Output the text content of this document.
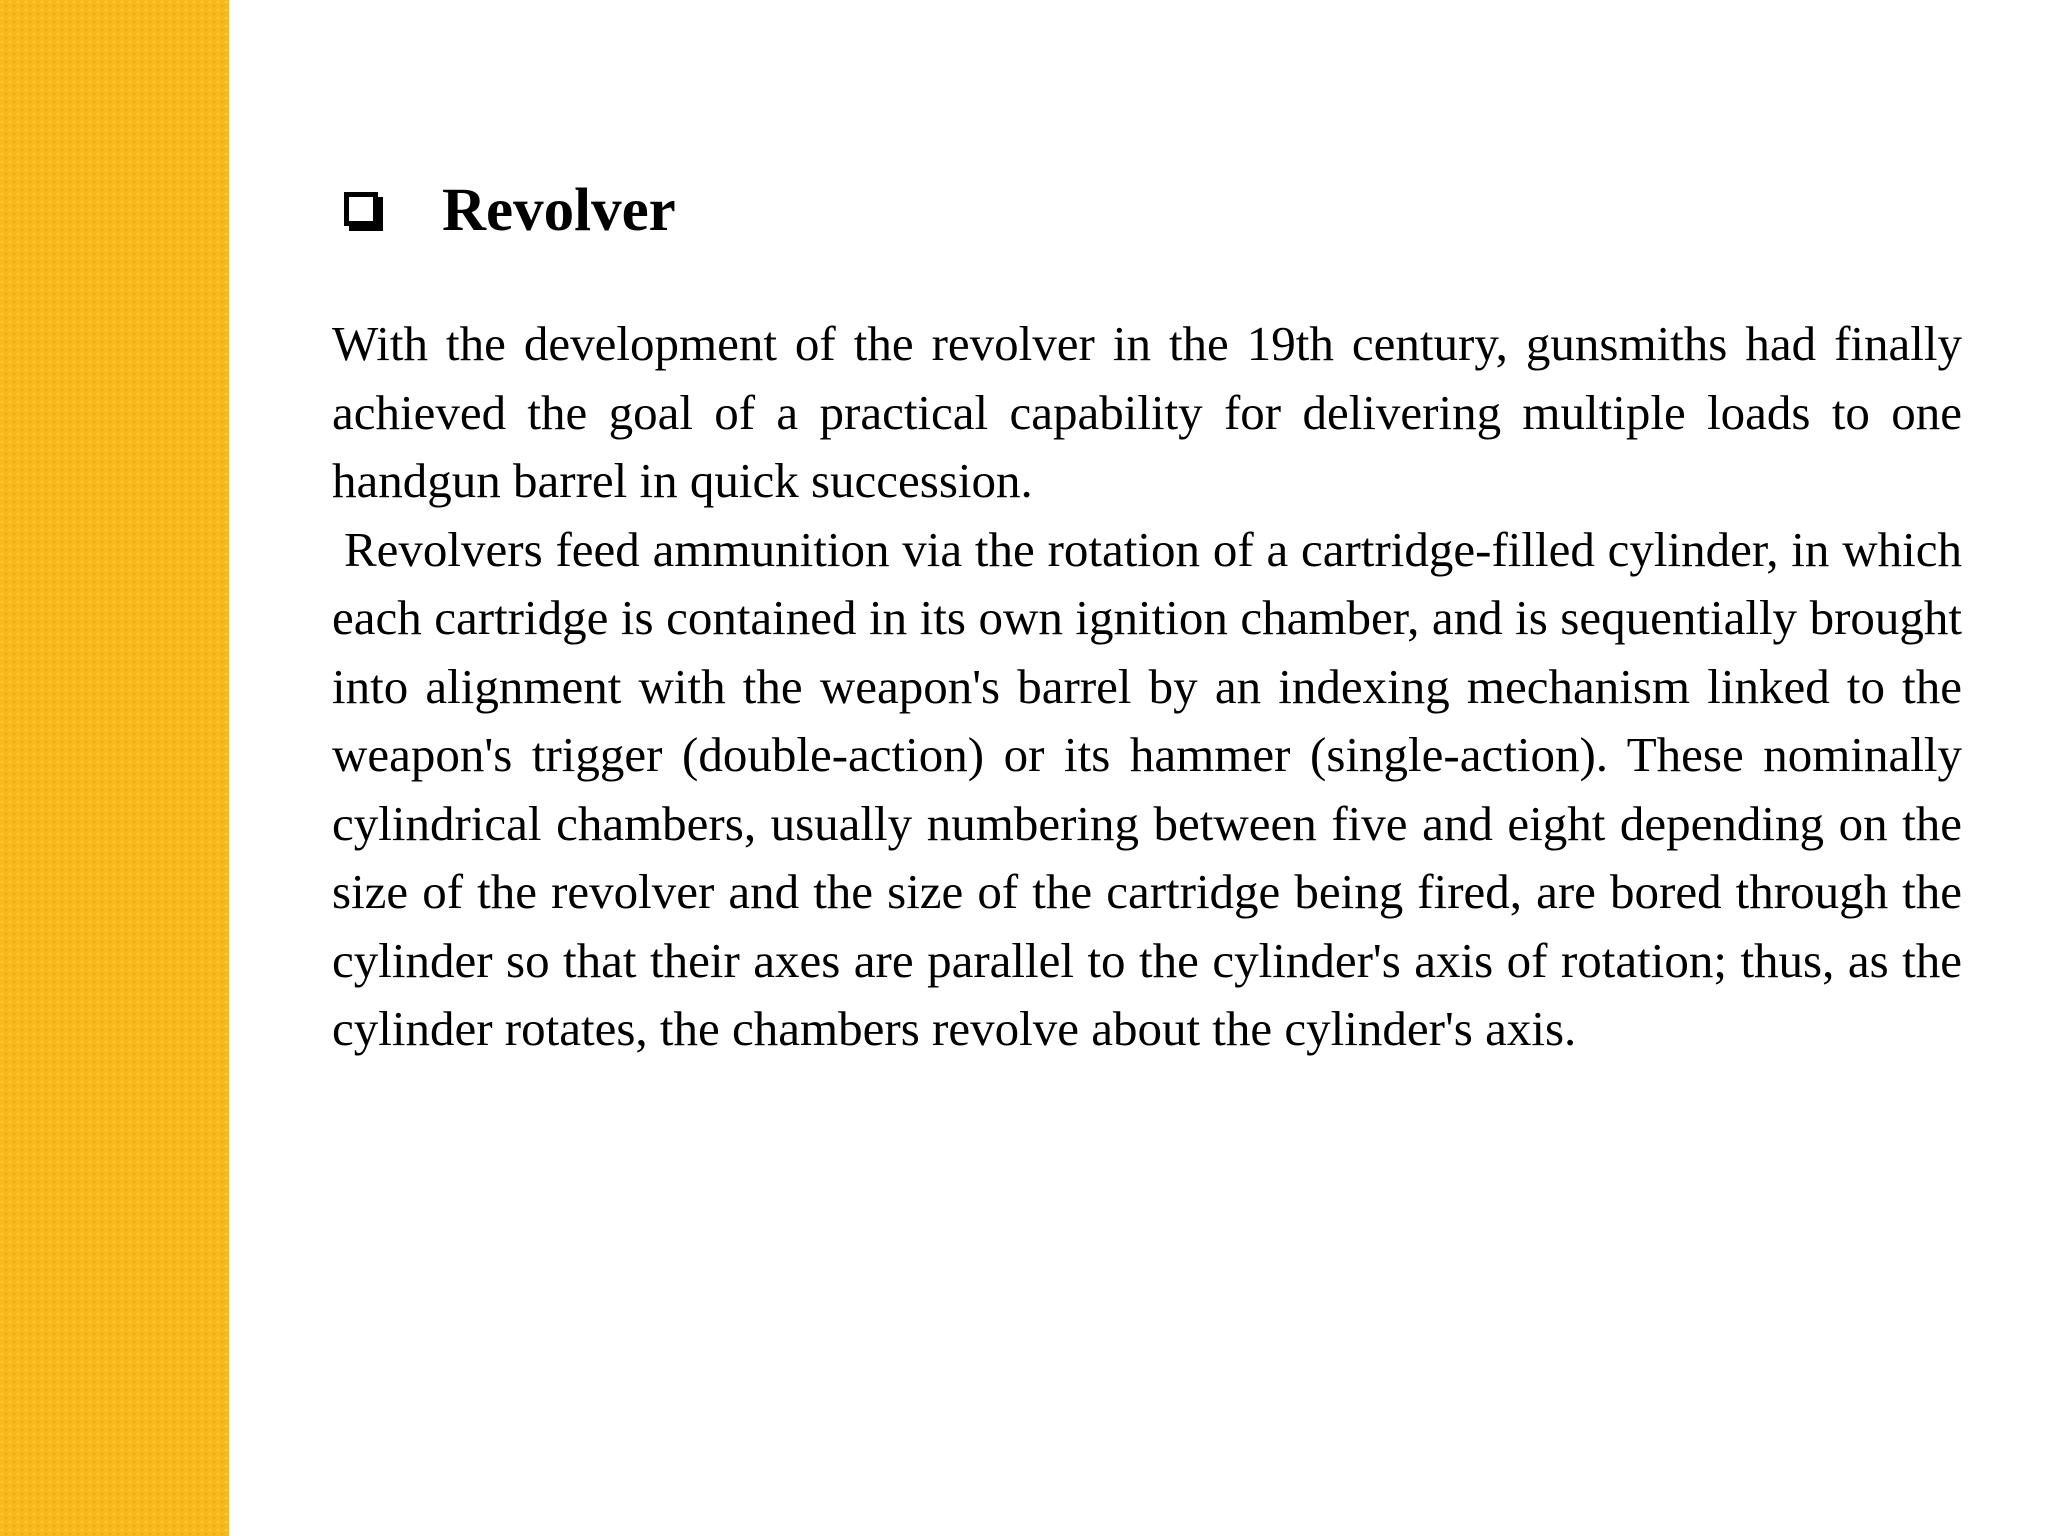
Revolver

With the development of the revolver in the 19th century, gunsmiths had finally achieved the goal of a practical capability for delivering multiple loads to one handgun barrel in quick succession.

Revolvers feed ammunition via the rotation of a cartridge-filled cylinder, in which each cartridge is contained in its own ignition chamber, and is sequentially brought into alignment with the weapon's barrel by an indexing mechanism linked to the weapon's trigger (double-action) or its hammer (single-action). These nominally cylindrical chambers, usually numbering between five and eight depending on the size of the revolver and the size of the cartridge being fired, are bored through the cylinder so that their axes are parallel to the cylinder's axis of rotation; thus, as the cylinder rotates, the chambers revolve about the cylinder's axis.
